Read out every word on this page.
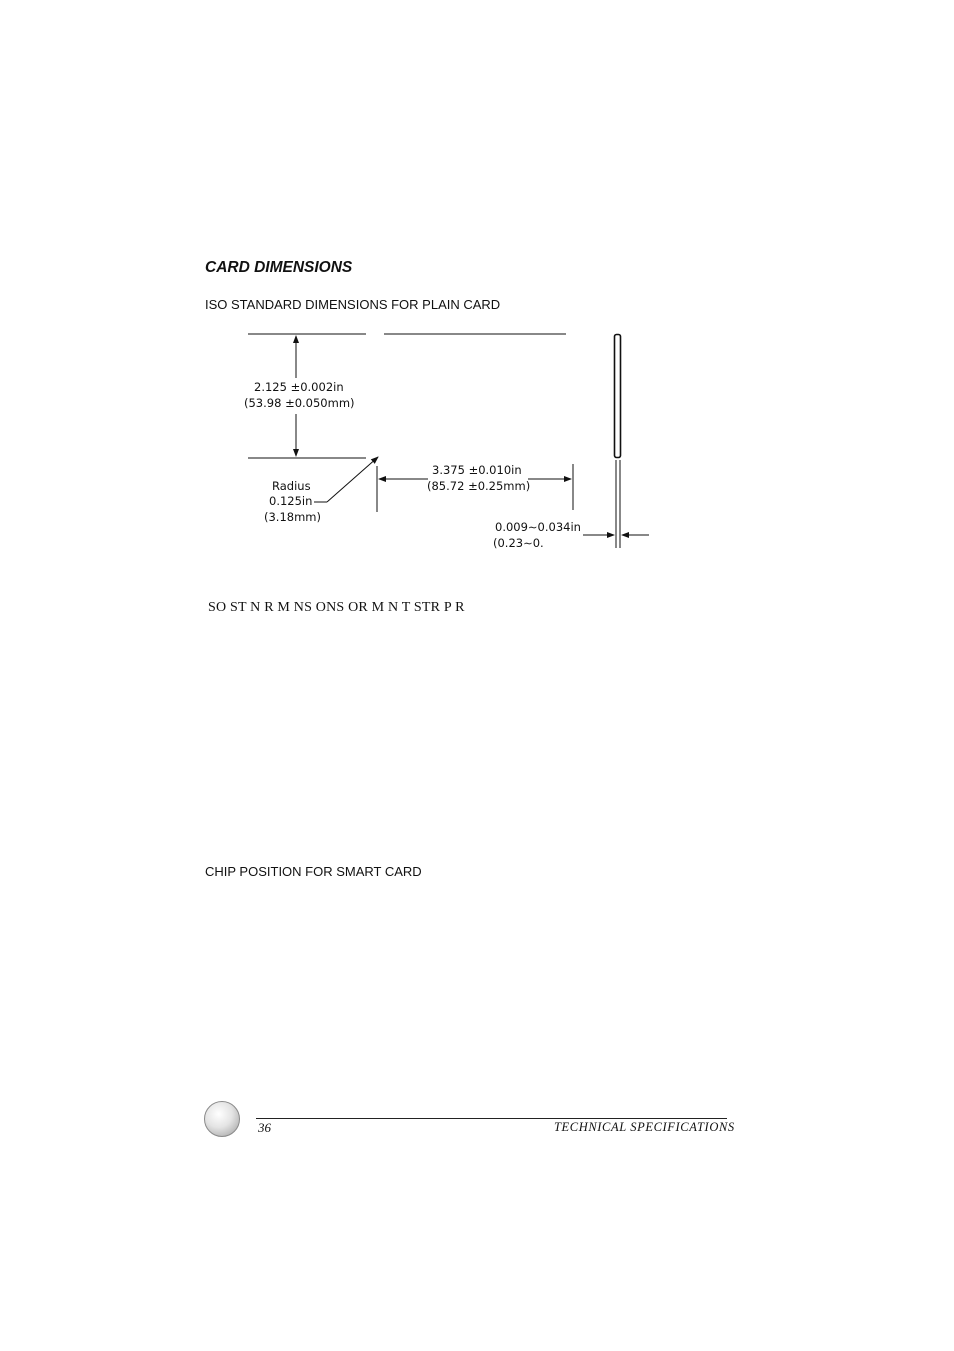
CARD DIMENSIONS
ISO STANDARD DIMENSIONS FOR PLAIN CARD
2.125 ±0.002in
(53.98 ±0.050mm)
Radius
0.125in
(3.18mm)
3.375 ±0.010in
(85.72 ±0.25mm)
0.009∼0.034in
(0.23∼0.
SO ST N R M NS ONS OR M N T STR P R
CHIP POSITION FOR SMART CARD
36	TECHNICAL SPECIFICATIONS
